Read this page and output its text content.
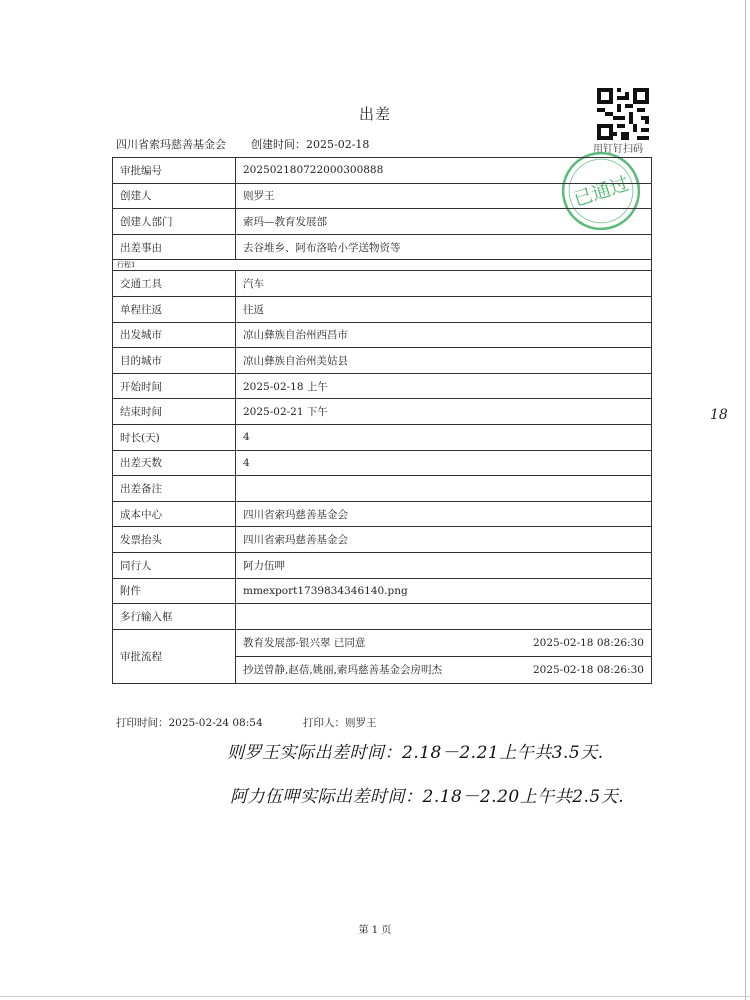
出差
四川省索玛慈善基金会 创建时间：2025-02-18	用钉钉扫码
已通过
审批编号	202502180722000300888
创建人	则罗王
创建人部门	索玛—教育发展部
出差事由	去谷堆乡、阿布洛哈小学送物资等
行程1	
交通工具	汽车
单程往返	往返
出发城市	凉山彝族自治州西昌市
目的城市	凉山彝族自治州美姑县
开始时间	2025-02-18 上午
结束时间	2025-02-21 下午
时长(天)	4
出差天数	4
出差备注	
成本中心	四川省索玛慈善基金会
发票抬头	四川省索玛慈善基金会
同行人	阿力伍呷
附件	mmexport1739834346140.png
多行输入框	
审批流程	教育发展部-银兴翠 已同意 2025-02-18 08:26:30
抄送曾静,赵蓓,姚丽,索玛慈善基金会房明杰 2025-02-18 08:26:30
打印时间：2025-02-24 08:54	打印人：则罗王
18
则罗王实际出差时间：2.18－2.21上午共3.5天.
阿力伍呷实际出差时间：2.18－2.20上午共2.5天.
第 1 页
